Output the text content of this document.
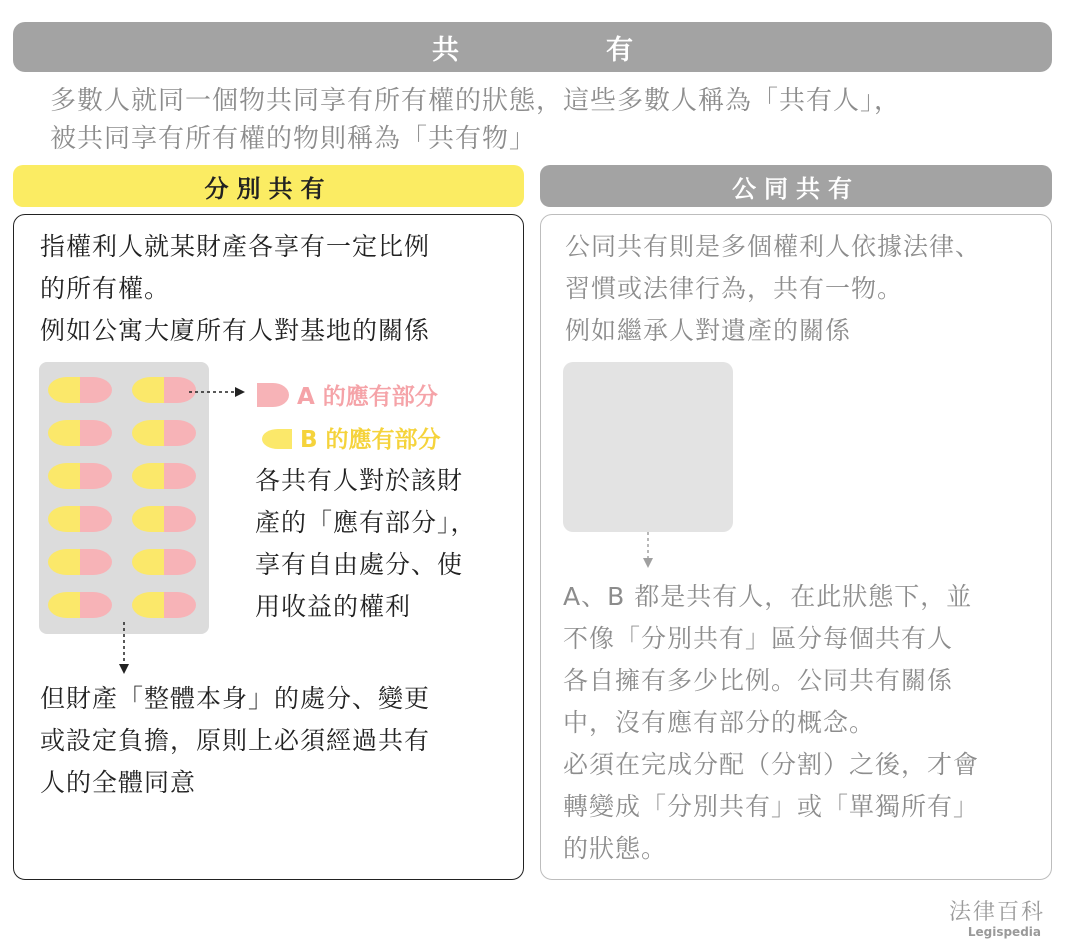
共　有
多數人就同一個物共同享有所有權的狀態，這些多數人稱為「共有人」，
被共同享有所有權的物則稱為「共有物」
分別共有	公同共有
指權利人就某財產各享有一定比例
的所有權。
例如公寓大廈所有人對基地的關係
A 的應有部分
B 的應有部分
各共有人對於該財
產的「應有部分」，
享有自由處分、使
用收益的權利
但財產「整體本身」的處分、變更
或設定負擔，原則上必須經過共有
人的全體同意
公同共有則是多個權利人依據法律、
習慣或法律行為，共有一物。
例如繼承人對遺產的關係
A、B 都是共有人，在此狀態下，並
不像「分別共有」區分每個共有人
各自擁有多少比例。公同共有關係
中，沒有應有部分的概念。
必須在完成分配（分割）之後，才會
轉變成「分別共有」或「單獨所有」
的狀態。
法律百科
Legispedia
